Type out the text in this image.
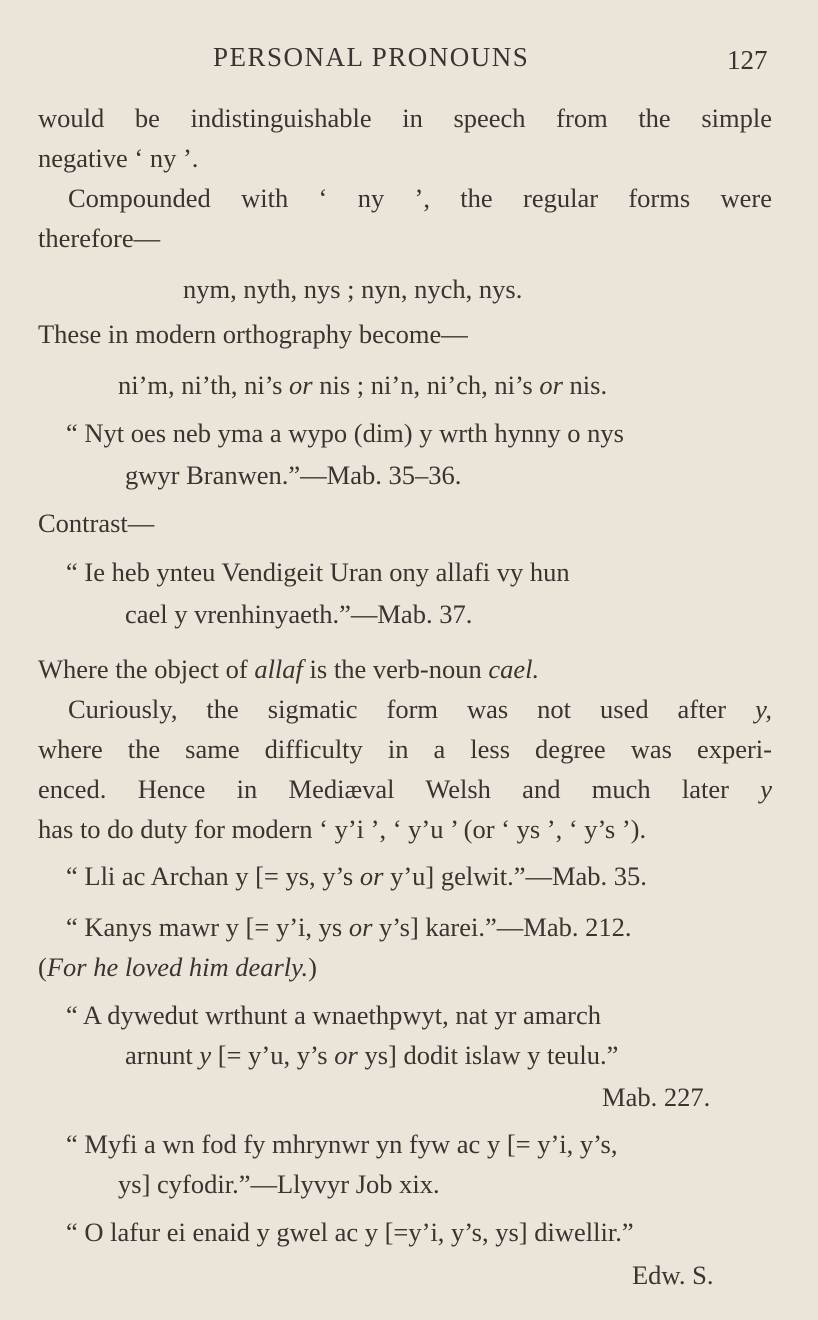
PERSONAL PRONOUNS	127
would be indistinguishable in speech from the simple
negative ‘ ny ’.
Compounded with ‘ ny ’, the regular forms were
therefore—
nym, nyth, nys ; nyn, nych, nys.
These in modern orthography become—
ni’m, ni’th, ni’s or nis ; ni’n, ni’ch, ni’s or nis.
“ Nyt oes neb yma a wypo (dim) y wrth hynny o nys
gwyr Branwen.”—Mab. 35–36.
Contrast—
“ Ie heb ynteu Vendigeit Uran ony allafi vy hun
cael y vrenhinyaeth.”—Mab. 37.
Where the object of allaf is the verb-noun cael.
Curiously, the sigmatic form was not used after y,
where the same difficulty in a less degree was experi-
enced. Hence in Mediæval Welsh and much later y
has to do duty for modern ‘ y’i ’, ‘ y’u ’ (or ‘ ys ’, ‘ y’s ’).
“ Lli ac Archan y [= ys, y’s or y’u] gelwit.”—Mab. 35.
“ Kanys mawr y [= y’i, ys or y’s] karei.”—Mab. 212.
(For he loved him dearly.)
“ A dywedut wrthunt a wnaethpwyt, nat yr amarch
arnunt y [= y’u, y’s or ys] dodit islaw y teulu.”
Mab. 227.
“ Myfi a wn fod fy mhrynwr yn fyw ac y [= y’i, y’s,
ys] cyfodir.”—Llyvyr Job xix.
“ O lafur ei enaid y gwel ac y [=y’i, y’s, ys] diwellir.”
Edw. S.
